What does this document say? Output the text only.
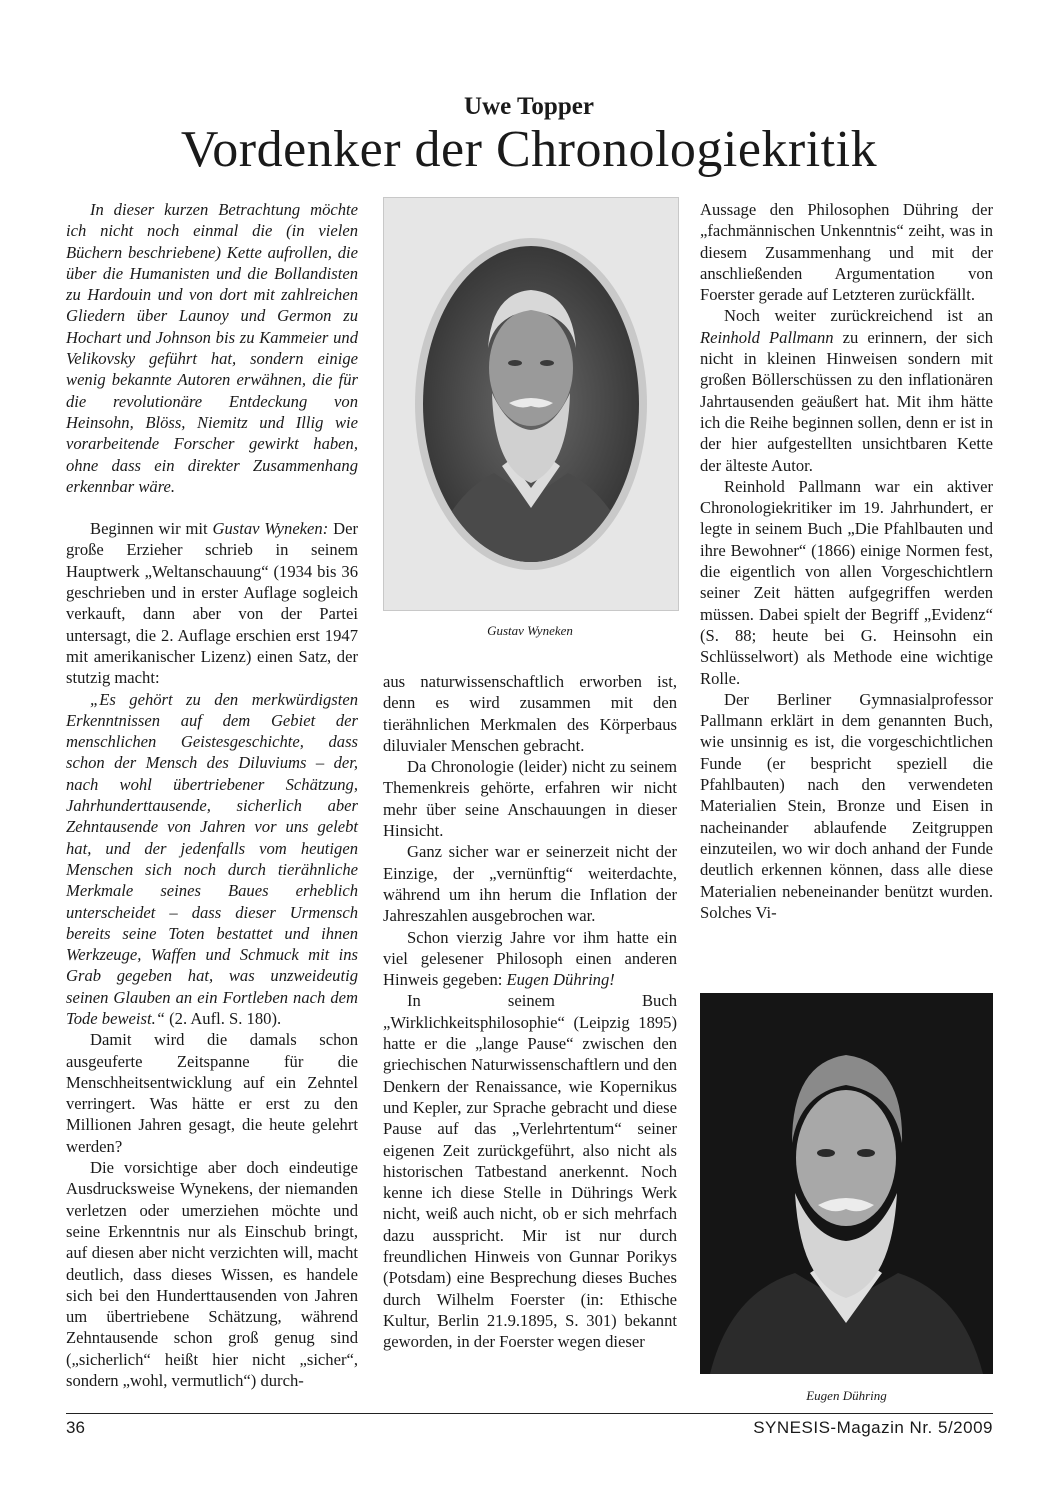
Uwe Topper
Vordenker der Chronologiekritik

In dieser kurzen Betrachtung möchte ich nicht noch einmal die (in vielen Büchern beschriebene) Kette aufrollen, die über die Humanisten und die Bollandisten zu Hardouin und von dort mit zahlreichen Gliedern über Launoy und Germon zu Hochart und Johnson bis zu Kammeier und Velikovsky geführt hat, sondern einige wenig bekannte Autoren erwähnen, die für die revolutionäre Entdeckung von Heinsohn, Blöss, Niemitz und Illig wie vorarbeitende Forscher gewirkt haben, ohne dass ein direkter Zusammenhang erkennbar wäre.

Beginnen wir mit Gustav Wyneken: Der große Erzieher schrieb in seinem Hauptwerk „Weltanschauung“ (1934 bis 36 geschrieben und in erster Auflage sogleich verkauft, dann aber von der Partei untersagt, die 2. Auflage erschien erst 1947 mit amerikanischer Lizenz) einen Satz, der stutzig macht:

„Es gehört zu den merkwürdigsten Erkenntnissen auf dem Gebiet der menschlichen Geistesgeschichte, dass schon der Mensch des Diluviums – der, nach wohl übertriebener Schätzung, Jahrhunderttausende, sicherlich aber Zehntausende von Jahren vor uns gelebt hat, und der jedenfalls vom heutigen Menschen sich noch durch tierähnliche Merkmale seines Baues erheblich unterscheidet – dass dieser Urmensch bereits seine Toten bestattet und ihnen Werkzeuge, Waffen und Schmuck mit ins Grab gegeben hat, was unzweideutig seinen Glauben an ein Fortleben nach dem Tode beweist.“ (2. Aufl. S. 180).

Damit wird die damals schon ausgeuferte Zeitspanne für die Menschheitsentwicklung auf ein Zehntel verringert. Was hätte er erst zu den Millionen Jahren gesagt, die heute gelehrt werden?

Die vorsichtige aber doch eindeutige Ausdrucksweise Wynekens, der niemanden verletzen oder umerziehen möchte und seine Erkenntnis nur als Einschub bringt, auf diesen aber nicht verzichten will, macht deutlich, dass dieses Wissen, es handele sich bei den Hunderttausenden von Jahren um übertriebene Schätzung, während Zehntausende schon groß genug sind („sicherlich“ heißt hier nicht „sicher“, sondern „wohl, vermutlich“) durch-

Gustav Wyneken

aus naturwissenschaftlich erworben ist, denn es wird zusammen mit den tierähnlichen Merkmalen des Körperbaus diluvialer Menschen gebracht.

Da Chronologie (leider) nicht zu seinem Themenkreis gehörte, erfahren wir nicht mehr über seine Anschauungen in dieser Hinsicht.

Ganz sicher war er seinerzeit nicht der Einzige, der „vernünftig“ weiterdachte, während um ihn herum die Inflation der Jahreszahlen ausgebrochen war.

Schon vierzig Jahre vor ihm hatte ein viel gelesener Philosoph einen anderen Hinweis gegeben: Eugen Dühring!

In seinem Buch „Wirklichkeitsphilosophie“ (Leipzig 1895) hatte er die „lange Pause“ zwischen den griechischen Naturwissenschaftlern und den Denkern der Renaissance, wie Kopernikus und Kepler, zur Sprache gebracht und diese Pause auf das „Verlehrtentum“ seiner eigenen Zeit zurückgeführt, also nicht als historischen Tatbestand anerkennt. Noch kenne ich diese Stelle in Dührings Werk nicht, weiß auch nicht, ob er sich mehrfach dazu ausspricht. Mir ist nur durch freundlichen Hinweis von Gunnar Porikys (Potsdam) eine Besprechung dieses Buches durch Wilhelm Foerster (in: Ethische Kultur, Berlin 21.9.1895, S. 301) bekannt geworden, in der Foerster wegen dieser

Aussage den Philosophen Dühring der „fachmännischen Unkenntnis“ zeiht, was in diesem Zusammenhang und mit der anschließenden Argumentation von Foerster gerade auf Letzteren zurückfällt.

Noch weiter zurückreichend ist an Reinhold Pallmann zu erinnern, der sich nicht in kleinen Hinweisen sondern mit großen Böllerschüssen zu den inflationären Jahrtausenden geäußert hat. Mit ihm hätte ich die Reihe beginnen sollen, denn er ist in der hier aufgestellten unsichtbaren Kette der älteste Autor.

Reinhold Pallmann war ein aktiver Chronologiekritiker im 19. Jahrhundert, er legte in seinem Buch „Die Pfahlbauten und ihre Bewohner“ (1866) einige Normen fest, die eigentlich von allen Vorgeschichtlern seiner Zeit hätten aufgegriffen werden müssen. Dabei spielt der Begriff „Evidenz“ (S. 88; heute bei G. Heinsohn ein Schlüsselwort) als Methode eine wichtige Rolle.

Der Berliner Gymnasialprofessor Pallmann erklärt in dem genannten Buch, wie unsinnig es ist, die vorgeschichtlichen Funde (er bespricht speziell die Pfahlbauten) nach den verwendeten Materialien Stein, Bronze und Eisen in nacheinander ablaufende Zeitgruppen einzuteilen, wo wir doch anhand der Funde deutlich erkennen können, dass alle diese Materialien nebeneinander benützt wurden. Solches Vi-

Eugen Dühring
36	SYNESIS-Magazin Nr. 5/2009
